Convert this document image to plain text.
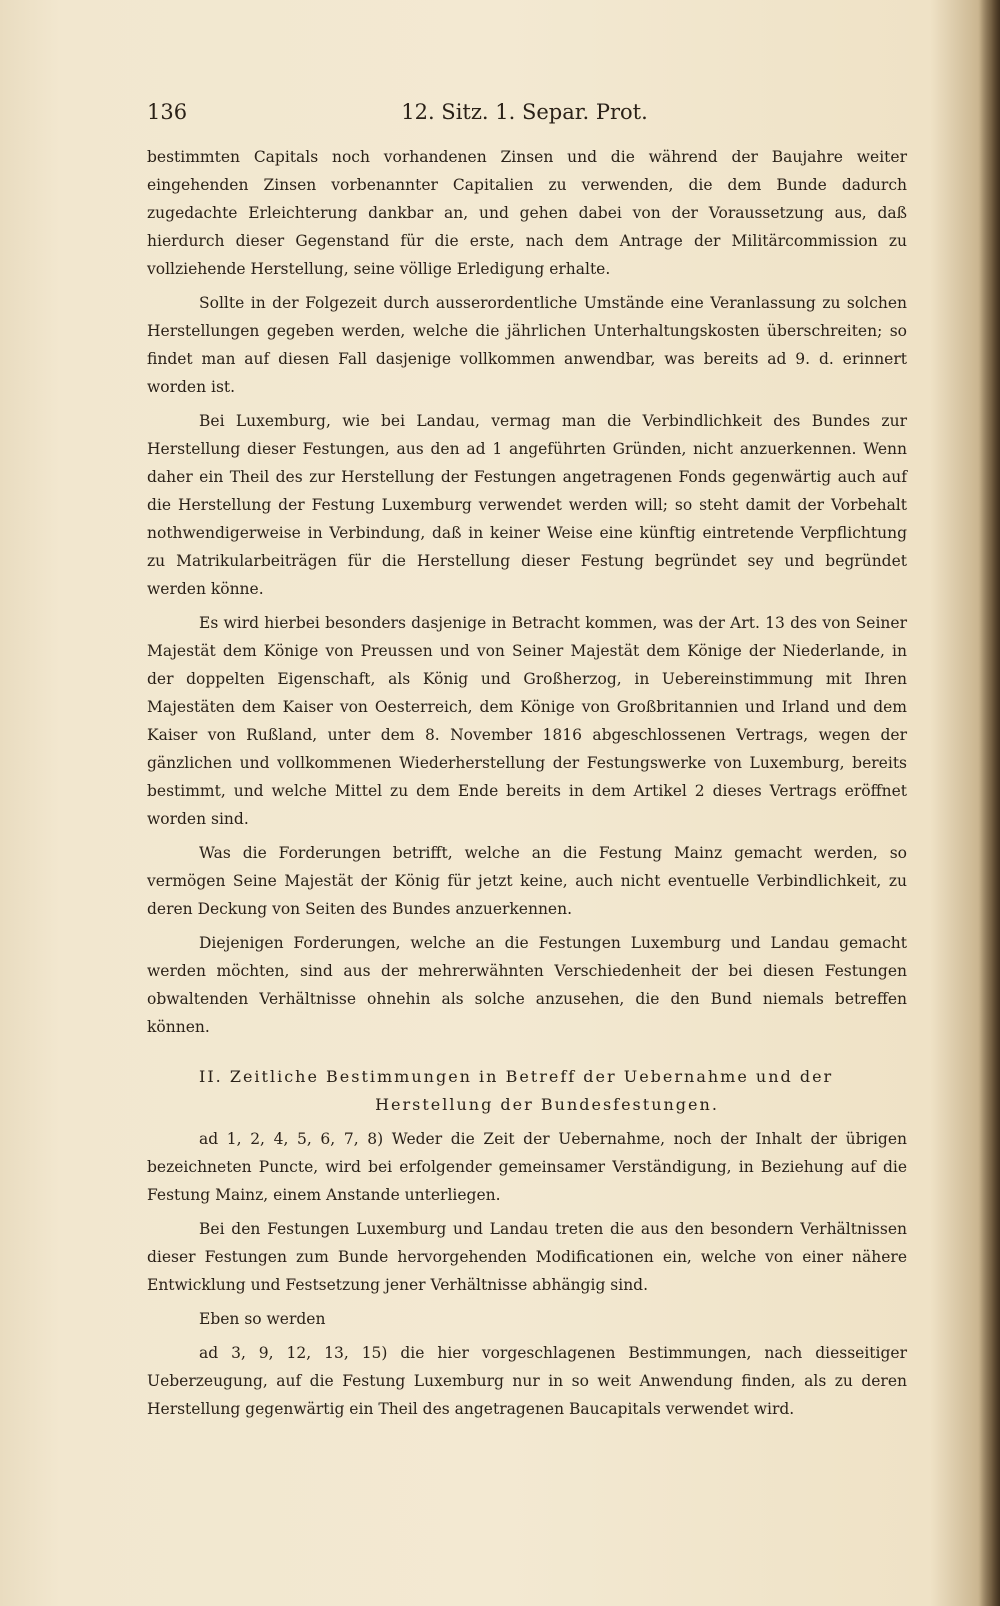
136	12. Sitz. 1. Separ. Prot.

bestimmten Capitals noch vorhandenen Zinsen und die während der Baujahre weiter eingehenden Zinsen vorbenannter Capitalien zu verwenden, die dem Bunde dadurch zugedachte Erleichterung dankbar an, und gehen dabei von der Voraussetzung aus, daß hierdurch dieser Gegenstand für die erste, nach dem Antrage der Militärcommission zu vollziehende Herstellung, seine völlige Erledigung erhalte.

Sollte in der Folgezeit durch ausserordentliche Umstände eine Veranlassung zu solchen Herstellungen gegeben werden, welche die jährlichen Unterhaltungskosten überschreiten; so findet man auf diesen Fall dasjenige vollkommen anwendbar, was bereits ad 9. d. erinnert worden ist.

Bei Luxemburg, wie bei Landau, vermag man die Verbindlichkeit des Bundes zur Herstellung dieser Festungen, aus den ad 1 angeführten Gründen, nicht anzuerkennen. Wenn daher ein Theil des zur Herstellung der Festungen angetragenen Fonds gegenwärtig auch auf die Herstellung der Festung Luxemburg verwendet werden will; so steht damit der Vorbehalt nothwendigerweise in Verbindung, daß in keiner Weise eine künftig eintretende Verpflichtung zu Matrikularbeiträgen für die Herstellung dieser Festung begründet sey und begründet werden könne.

Es wird hierbei besonders dasjenige in Betracht kommen, was der Art. 13 des von Seiner Majestät dem Könige von Preussen und von Seiner Majestät dem Könige der Niederlande, in der doppelten Eigenschaft, als König und Großherzog, in Uebereinstimmung mit Ihren Majestäten dem Kaiser von Oesterreich, dem Könige von Großbritannien und Irland und dem Kaiser von Rußland, unter dem 8. November 1816 abgeschlossenen Vertrags, wegen der gänzlichen und vollkommenen Wiederherstellung der Festungswerke von Luxemburg, bereits bestimmt, und welche Mittel zu dem Ende bereits in dem Artikel 2 dieses Vertrags eröffnet worden sind.

Was die Forderungen betrifft, welche an die Festung Mainz gemacht werden, so vermögen Seine Majestät der König für jetzt keine, auch nicht eventuelle Verbindlichkeit, zu deren Deckung von Seiten des Bundes anzuerkennen.

Diejenigen Forderungen, welche an die Festungen Luxemburg und Landau gemacht werden möchten, sind aus der mehrerwähnten Verschiedenheit der bei diesen Festungen obwaltenden Verhältnisse ohnehin als solche anzusehen, die den Bund niemals betreffen können.

II. Zeitliche Bestimmungen in Betreff der Uebernahme und der
Herstellung der Bundesfestungen.

ad 1, 2, 4, 5, 6, 7, 8) Weder die Zeit der Uebernahme, noch der Inhalt der übrigen bezeichneten Puncte, wird bei erfolgender gemeinsamer Verständigung, in Beziehung auf die Festung Mainz, einem Anstande unterliegen.

Bei den Festungen Luxemburg und Landau treten die aus den besondern Verhältnissen dieser Festungen zum Bunde hervorgehenden Modificationen ein, welche von einer nähere Entwicklung und Festsetzung jener Verhältnisse abhängig sind.

Eben so werden

ad 3, 9, 12, 13, 15) die hier vorgeschlagenen Bestimmungen, nach diesseitiger Ueberzeugung, auf die Festung Luxemburg nur in so weit Anwendung finden, als zu deren Herstellung gegenwärtig ein Theil des angetragenen Baucapitals verwendet wird.
